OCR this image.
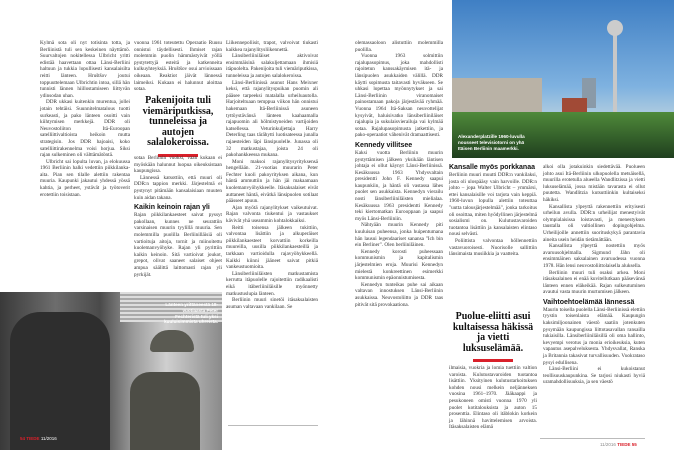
Kylmä sota oli nyt totisinta totta, ja Berliinistä tuli sen keskeinen näyttämö. Suurvaltojen nokitellessa Ulbricht yritti edistää haavettaan ottaa Länsi-Berliini haltuun ja tukkia lopullisesti kansalaisilta reitti länteen. Hruštšov joutui toppuuttelemaan Ulbrichtin intoa, sillä hän tunnisti lännen hiillostamiseen liittyvän ydinsodan uhan.

DDR ukkasi kuitenkin murentua, jollei jotain tehtäisi. Suunnitelmatalous tuotti surkeasti, ja pako länteen osoitti vain kiihtymisen merkkejä. DDR oli Neuvostoliiton Itä-Euroopan satelliittivaltioista heikoin mutta strategisin. Jos DDR hajoaisi, koko satelliittirakennelma voisi horjua. Siksi rajan sulkeminen oli välttämätöntä.

Ulbricht sai lopulta luvan, ja elokuussa 1961 Berliinin halki vedettiin piikkilanka-aita. Pian sen tilalle alettiin rakentaa muuria. Kaupunki jakautui yhdessä yössä kahtia, ja perheet, ystävät ja työtoverit erotettiin toisistaan.

vuonna 1961 toteutettu Operaatio Ruusu onnistui täydellisesti. Ihmiset rajan molemmin puolin hämmästyivät yöllä pystytettyjä esteitä ja katkenneita kulkuyhteyksiä. Hruštšov osui arvioissaan oikeaan. Reaktiot jäivät lännessä laimeiksi. Kukaan ei halunnut aloittaa sotaa.

Pakenijoita tuli viemäriputkissa, tunneleissa ja autojen salalokeroissa.

sotaa Berliinin vuoksi, vaan kukaan ei myöskään halunnut luopua oikeuksistaan kaupungissa.

Lännessä katsottiin, että muuri oli DDR:n tappion merkki. Järjestelmä ei pystynyt pitämään kansalaisiaan muuten kuin aidan takana.

Kaikin keinoin rajan yli

Rajan piikkilankaesteet saivat pyssyt pakollaan, kunnes ne seurattiin varsinaisen muurin tyylillä muuria. Sen molemmilla puolilla Berliinilläisiä oli vartioituja aitoja, tornit ja miinoitettu kuolemanvyöhyke. Rajan yli pyrittiin kaikin keinoin. Sitä vartioivat joukot, grepot, olivat saaneet salaiset ohjeet ampua säälittä laittomasti rajan yli pyrkijät.

Liikennepoliisit, trapot, valvoivat tiukasti kaikkea rajanylitysliikennettä.

Länsiberliiniläiset aktivoivat ensimmäisinä salakuljettamaan ihmisiä itäpuolelta. Pakenijoita tuli viemäriputkissa, tunneleissa ja autojen salalokeroissa.

Länsi-Berliinissä asunut Hans Meixner keksi, että rajanylityspuikan puomin ali pääsee tarpeeksi matalalla urheiluautolla. Harjoiteltuaan temppua viikon hän onnistui hakemaan Itä-Berliinissä asuneen tyttöystävänsä länteen kaahaamalla rajapuomin ali hölmistyneiden vartijoiden katsellessa. Veturinkuljettaja Harry Deterling taas tärähytti luotisateessa junalla rajaesteiden läpi länsipuolelle. Junassa oli 32 matkustajaa, joista 24 oli pakohankkeessa mukana.

Moni maksoi rajanylitysyrityksensä hengellään. 21-vuotias muurarin Peter Fechter kuoli pakoyrityksen aikana, kun häntä ammuttiin ja hän jäi makaamaan kuolemanvyöhykkeelle. Itäsaksalaiset eivät auttaneet häntä, eivätkä länsipuolen sotilaat päässeet apuun.

Ajan myötä rajanylitykset vaikeutuivat. Rajan valvonta tiukentui ja vastaukset kävivät yhä useammin kohtalokkaiksi.

Reitti toisensa jälkeen tukittiin, valvontaa lisättiin ja alkuperäiset piikkilankaesteet korvattiin korkeilla muureilla, uusilla piikkilankaesteillä ja tarkkaan vartioidulla rajavyöhykkeellä. Kaikki kiinni jääneet saivat pitkiä vankeustuomioita.

Länsiberliiniläisten matkustamista kerrutta itäpuolelle rajoitettiin radikaalisti eikä itäberliiniläisille myönnetty matkustuslupia länteen.

Berliinin muuri sinetöi itäsaksalaisten asuman valtavaan vankilaan. Se

Länteen yrittäneestä 18-vuotiaasta Peter Fechteristä tuli yksi kuuluisimmista uhreista.
54 TIEDE 11/2016

olemassaoloon alistuttiin molemmilla puolilla.

Vuonna 1963 solmittiin rajalupasopimus, joka mahdollisti rajoitetun kanssakäymisen itä- ja länsipuolen asukkaiden välillä. DDR käytti sopimusta taitavasti hyväkseen. Se uhkasi lopettaa myönnytykset ja sai Länsi-Berliinin viranomaiset painostamaan pakoja järjestävää ryhmää. Vuonna 1964 Itä-Saksan neuvottelijat kysyivät, haluisivatko länsiberliiniläiset rajalupia ja sukulaisvierailuja vai kylmää sotaa. Rajalupasopimusta jatkettiin, ja pako-operaatiot vähenivät dramaattisesti.

Kennedy villitsee

Kaksi vuotta Berliinin muurin pystyttämisen jälkeen yksikään läntisen johtaja ei ollut käynyt Länsi-Berliinissä. Kesäkuussa 1963 Yhdysvaltain presidentti John F. Kennedy saapui kaupunkiin, ja häntä oli vastassa lähes puolet sen asukkaista. Kennedyn vierailu nosti länsiberliiniläisten mielialaa. Kesäkuussa 1963 presidentti Kennedy teki kiertomatkan Eurooppaan ja saapui myös Länsi-Berliiniin.

Nähtyään muurin Kennedy piti kuuluisan puheensa, jonka huipentumana hän lausui legendaariset sanansa "Ich bin ein Berliner". Olen berliiniläinen.

Kennedy korosti puheessaan kommunismin ja kapitalismin järjestelmien eroja. Muurisi Kennedyn mielestä konkreettinen esimerkki kommunismin epäonnistumisesta.

Kennedyn tunteikas puhe sai aikaan valtavan innostuksen Länsi-Berliinin asukkaissa. Neuvostoliitto ja DDR taas pitivät sitä provokaationa.

Alexanderplatzille 1960-luvulla nousseet televisiotorni on yhä Itäisen Berliinin maamerkki.
Kansalle myös porkkanaa

Berliinin muuri muutti DDR:n vankilaksi, josta oli ulospääsy vain harvoille. DDR:n johto – jopa Walter Ulbricht – ymmärsi, ettei kansalaisille voi tarjota vain keppiä. 1960-luvun lopulla alettiin toteuttaa "uutta talousjärjestelmää", jonka tarkoitus oli osoittaa, miten hyödyllinen järjestelmä sosialismi on. Kulutustavaroiden tuotantoa lisättiin ja kansalaisten elintaso nousi selvästi.

Poliittista valvontaa höllennettiin vastavuoroisesti. Nuorisolle sallittiin länsimaista musiikkia ja vaatteita.

Puolue-eliitti asui kultaisessa häkissä ja vietti luksuselämää.

ilmaisia, vuokria ja lomia tuettiin valtion varoista. Kulutustavaroiden tuotantoa lisättiin. Yksityinen kulutustarkoituksen kohden nousi melkein neljänneksen vuosina 1961–1970. Jääkaappi ja pesukoneen omisti vuonna 1970 yli puolet kotitalouksista ja auton 15 prosenttia. Elintaso oli itäblokin korkein ja lähinnä havittelemisen arvoista. Itäsaksalaisten elämä

alkoi olla jotakuinkin siedettävää. Puolueen johto asui Itä-Berliinin ulkopuolella metsäisellä, muurilla erotetulla alueella Wandlitzissa ja vietti luksuselämää, jossa mistään tavarasta ei ollut puutetta. Wandlitzia kutsuttiinkin kultaiseksi häkiksi.

Kansallista ylpeyttä rakennettiin erityisesti urheilun avulla. DDR:n urheilijat menestyivät olympialaisissa loistavasti, ja menestyksen taustalla oli valtiollinen dopingohjelma. Urheilijoille annettiin suorituskykyä parantavia aineita usein heidän tietämättään.

Kansallista ylpeyttä nostettiin myös avaruusohjelmalla. Sigmund Jähn oli ensimmäinen saksalainen avaruudessa vuonna 1978. Hän lensi neuvostoliittolaisella aluksella.

Berliinin muuri tuli osaksi arkea. Moni itäsaksalainen ei enää kuvitellutkaan pääsevänsä länteen ennen eläkeikää. Rajan sulkeutuminen avautui vasta muurin murtumisen jälkeen.

Vaihtoehtoelämää lännessä

Maurin toisella puolella Länsi-Berliinissä elettiin tyystin toisenlaista elämää. Kaupungin kaksimiljoonainen väestö saatiin jotenkuten pysymään kaupungissa liittotasavallan ransailla tukiaisilla. Länsiberliiniläisillä oli oma hallinto, kevyempi verotus ja monia erioikeuksia, kuten vapautus asepalveluksesta. Yhdysvallat, Ranska ja Britannia takasivat turvallisuuden. Vuokrataso pysyi edullisena.

Länsi-Berliini ei kukoistanut teollisuuskaupunkina. Se tarjosi niukasti hyviä uramahdollisuuksia, ja sen väestö

11/2016 TIEDE 55
